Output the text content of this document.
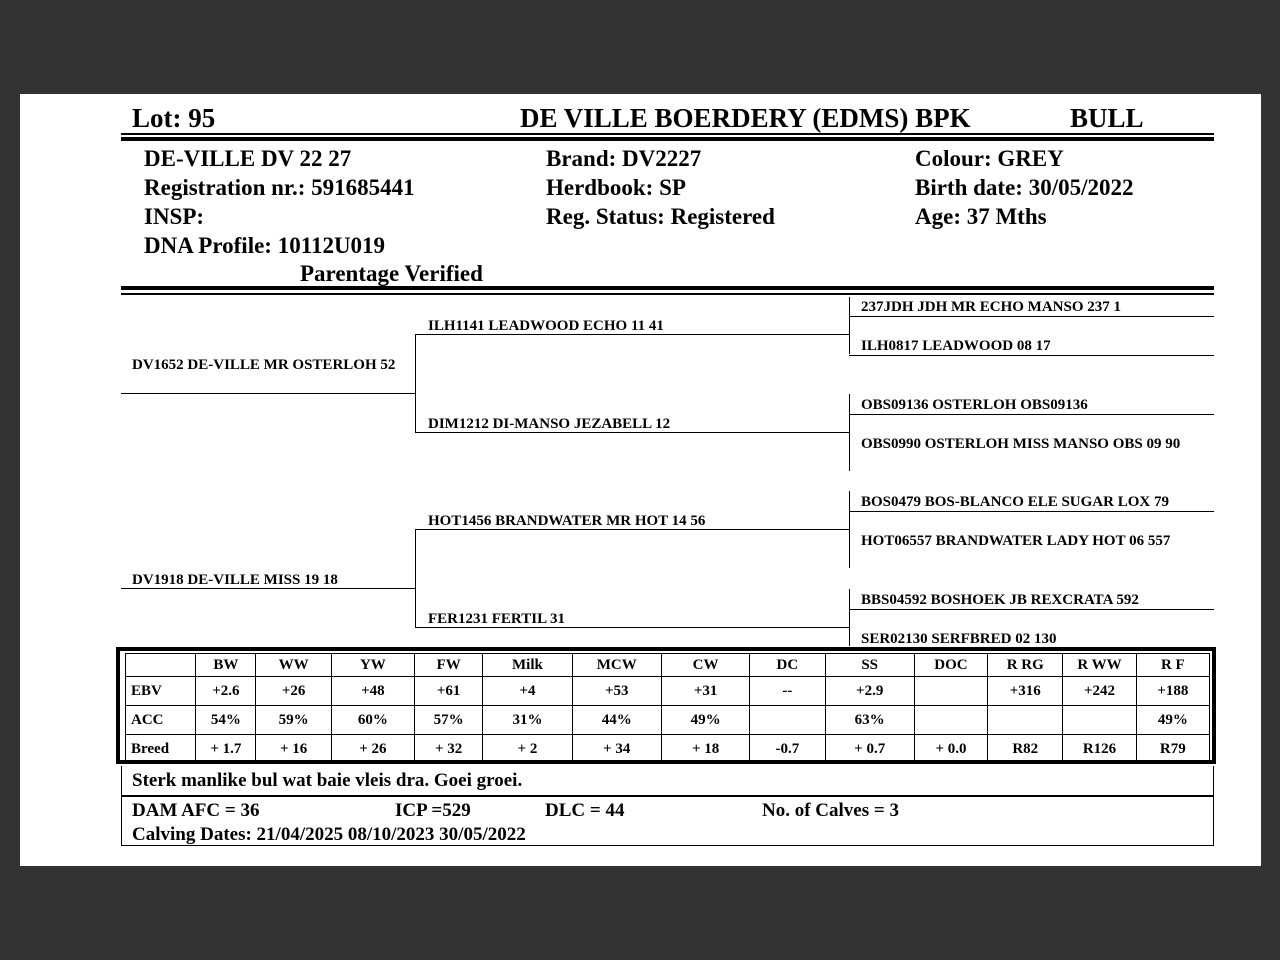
Lot: 95	DE VILLE BOERDERY (EDMS) BPK	BULL
DE-VILLE DV 22 27
Registration nr.: 591685441
INSP:
DNA Profile: 10112U019
Parentage Verified
Brand: DV2227
Herdbook: SP
Reg. Status: Registered
Colour: GREY
Birth date: 30/05/2022
Age: 37 Mths
DV1652 DE-VILLE MR OSTERLOH 52
DV1918 DE-VILLE MISS 19 18
ILH1141 LEADWOOD ECHO 11 41
DIM1212 DI-MANSO JEZABELL 12
HOT1456 BRANDWATER MR HOT 14 56
FER1231 FERTIL 31
237JDH JDH MR ECHO MANSO 237 1
ILH0817 LEADWOOD 08 17
OBS09136 OSTERLOH OBS09136
OBS0990 OSTERLOH MISS MANSO OBS 09 90
BOS0479 BOS-BLANCO ELE SUGAR LOX 79
HOT06557 BRANDWATER LADY HOT 06 557
BBS04592 BOSHOEK JB REXCRATA 592
SER02130 SERFBRED 02 130
	BW	WW	YW	FW	Milk	MCW	CW	DC	SS	DOC	R RG	R WW	R F
EBV	+2.6	+26	+48	+61	+4	+53	+31	--	+2.9		+316	+242	+188
ACC	54%	59%	60%	57%	31%	44%	49%		63%				49%
Breed	+ 1.7	+ 16	+ 26	+ 32	+ 2	+ 34	+ 18	-0.7	+ 0.7	+ 0.0	R82	R126	R79
Sterk manlike bul wat baie vleis dra. Goei groei.
DAM AFC = 36	ICP =529	DLC = 44	No. of Calves = 3
Calving Dates: 21/04/2025 08/10/2023 30/05/2022
